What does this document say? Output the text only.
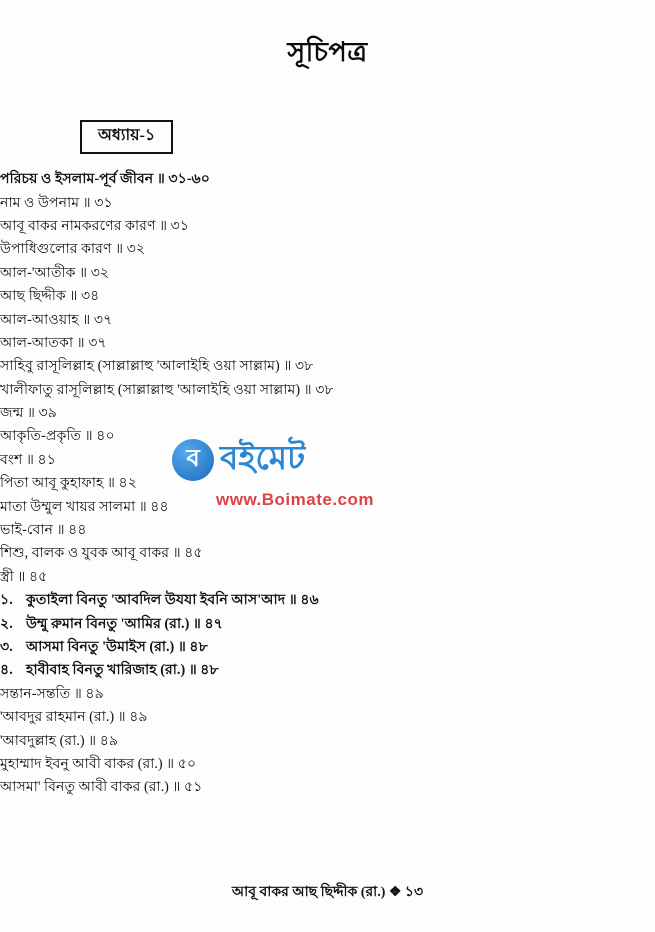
সূচিপত্র
অধ্যায়-১
পরিচয় ও ইসলাম-পূর্ব জীবন ॥ ৩১-৬০
নাম ও উপনাম ॥ ৩১
আবূ বাকর নামকরণের কারণ ॥ ৩১
উপাধিগুলোর কারণ ॥ ৩২
আল-'আতীক ॥ ৩২
আছ ছিদ্দীক ॥ ৩৪
আল-আওয়াহ ॥ ৩৭
আল-আতকা ॥ ৩৭
সাহিবু রাসূলিল্লাহ (সাল্লাল্লাহু 'আলাইহি ওয়া সাল্লাম) ॥ ৩৮
খালীফাতু রাসূলিল্লাহ (সাল্লাল্লাহু 'আলাইহি ওয়া সাল্লাম) ॥ ৩৮
জন্ম ॥ ৩৯
আকৃতি-প্রকৃতি ॥ ৪০
বংশ ॥ ৪১
পিতা আবূ কুহাফাহ ॥ ৪২
মাতা উম্মুল খায়র সালমা ॥ ৪৪
ভাই-বোন ॥ ৪৪
শিশু, বালক ও যুবক আবূ বাকর ॥ ৪৫
স্ত্রী ॥ ৪৫
১. কুতাইলা বিনতু 'আবদিল উযযা ইবনি আস'আদ ॥ ৪৬
২. উম্মু রুমান বিনতু 'আমির (রা.) ॥ ৪৭
৩. আসমা বিনতু 'উমাইস (রা.) ॥ ৪৮
৪. হাবীবাহ বিনতু খারিজাহ (রা.) ॥ ৪৮
সন্তান-সন্ততি ॥ ৪৯
'আবদুর রাহমান (রা.) ॥ ৪৯
'আবদুল্লাহ (রা.) ॥ ৪৯
মুহাম্মাদ ইবনু আবী বাকর (রা.) ॥ ৫০
আসমা' বিনতু আবী বাকর (রা.) ॥ ৫১
ব বইমেট
www.Boimate.com
আবূ বাকর আছ ছিদ্দীক (রা.) ❖ ১৩
